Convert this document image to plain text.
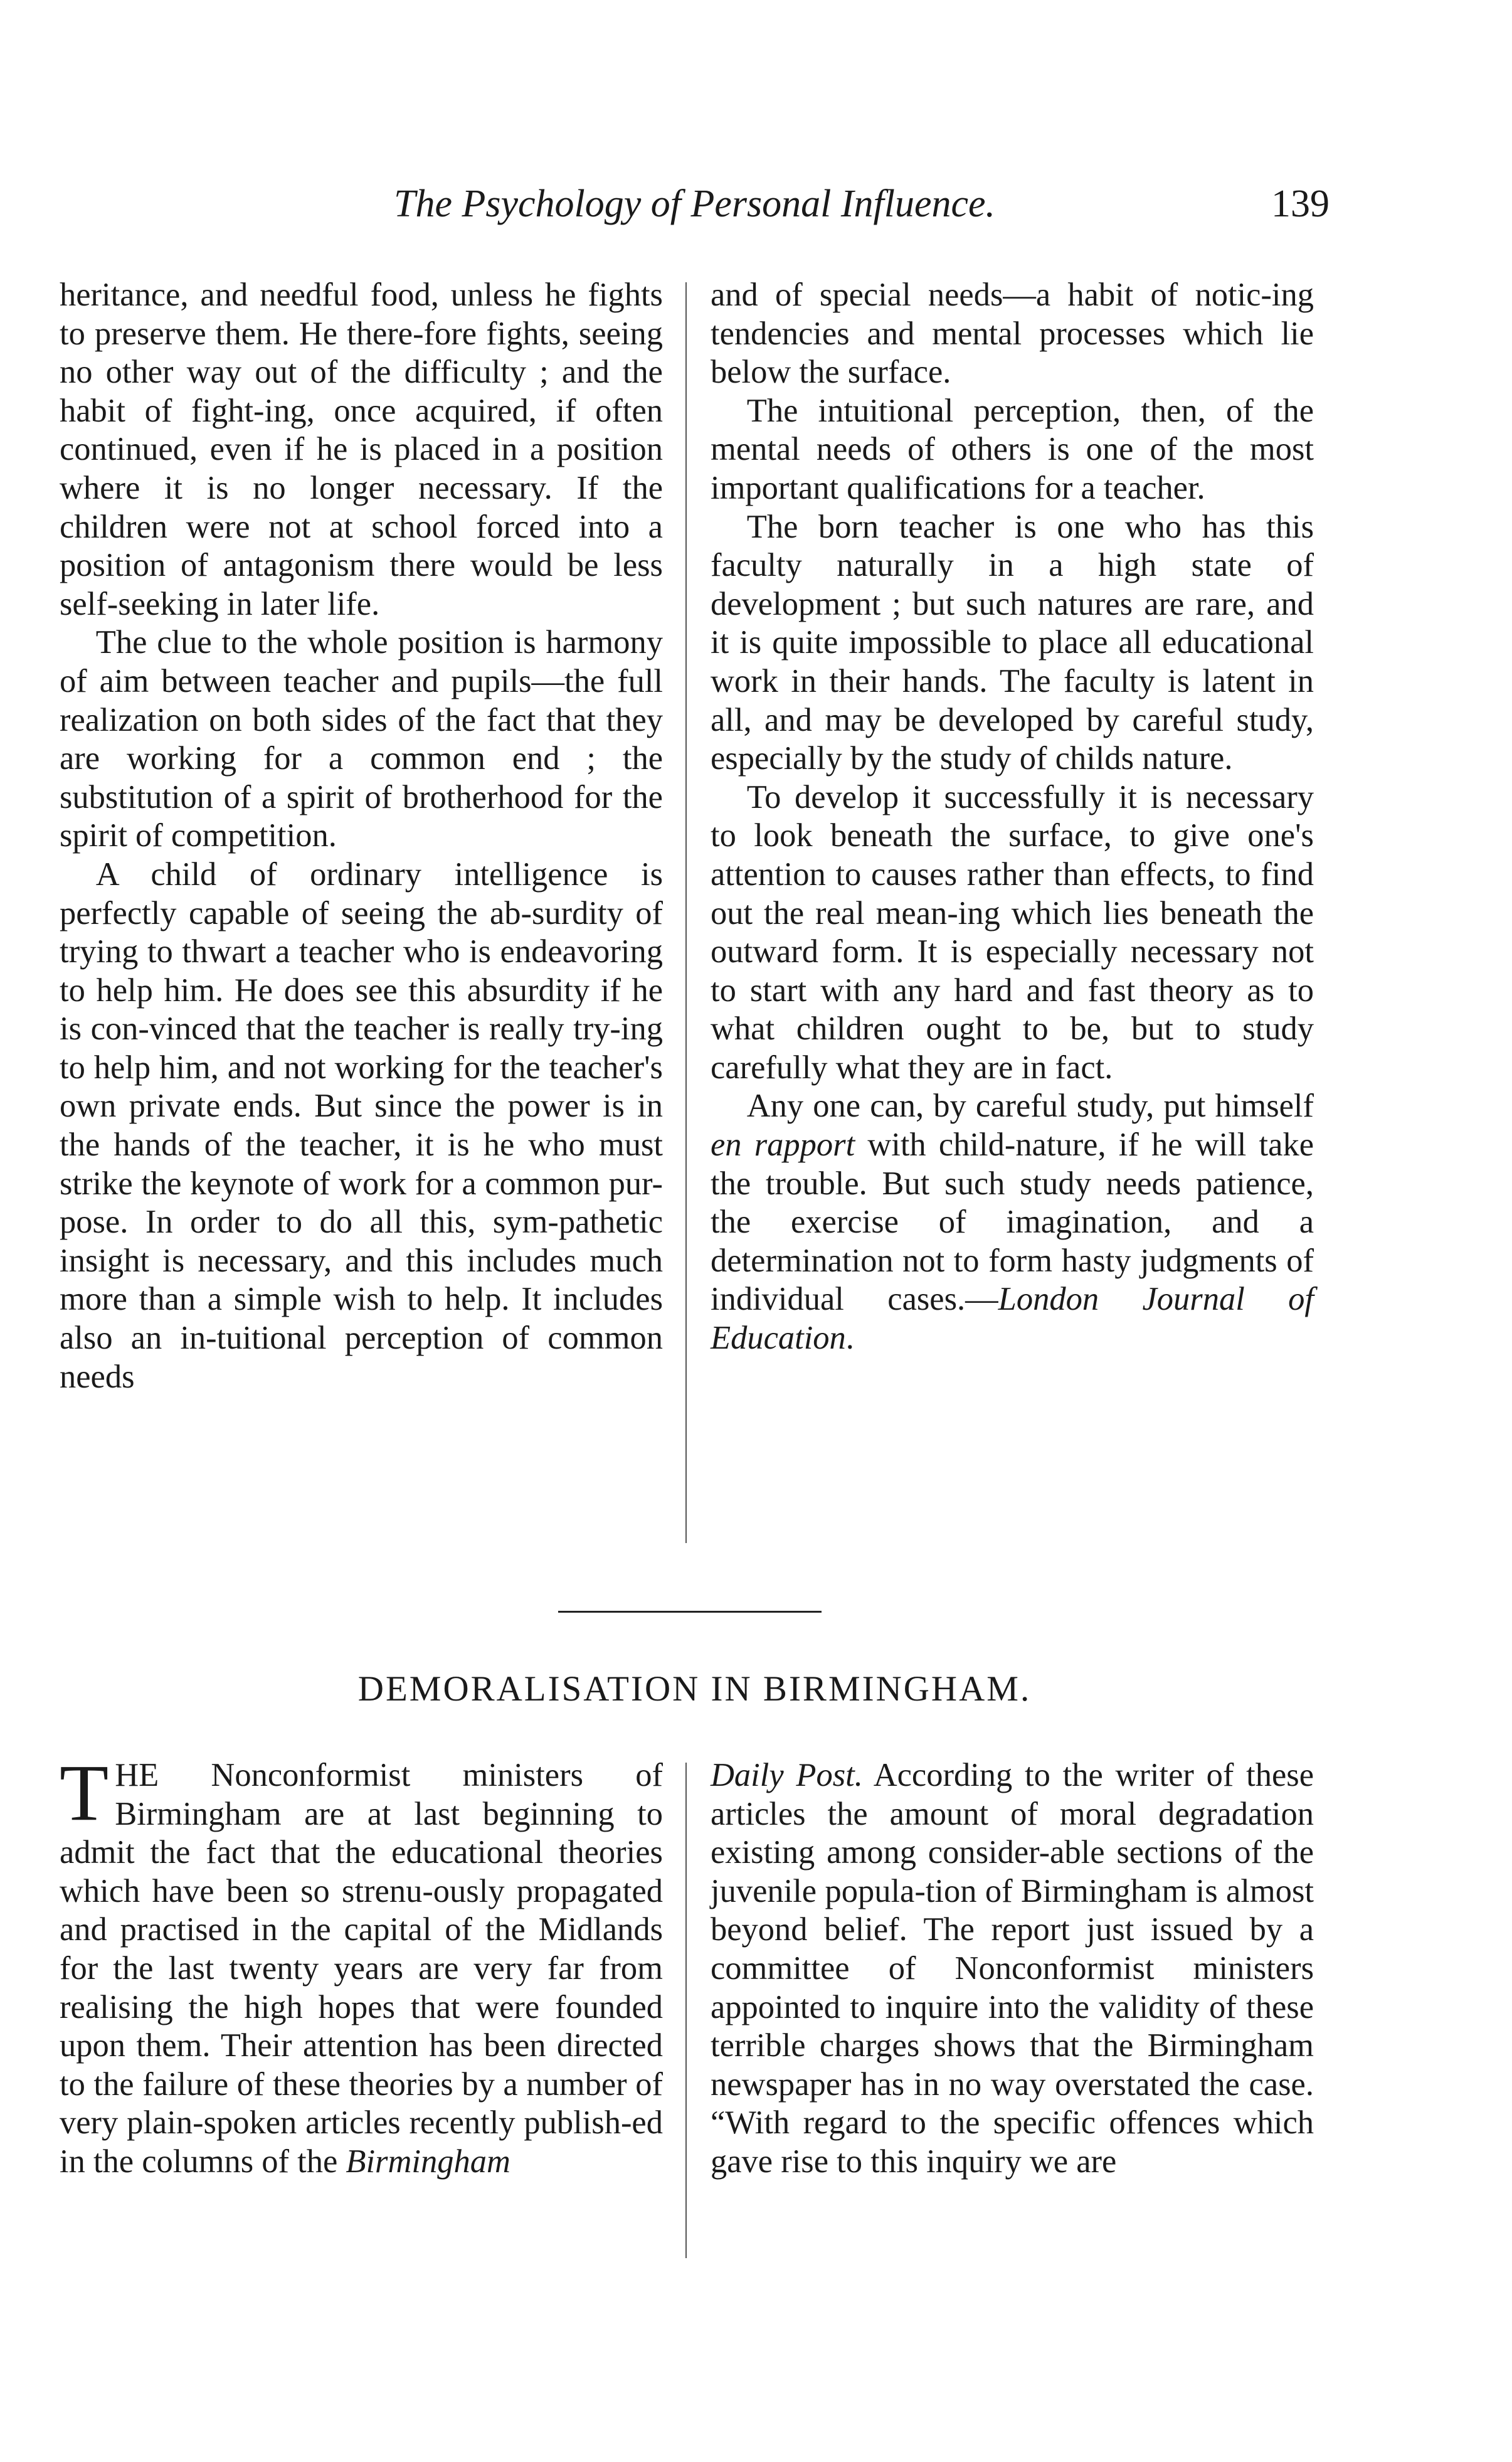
The Psychology of Personal Influence.	139

heritance, and needful food, unless he fights to preserve them. He there-fore fights, seeing no other way out of the difficulty ; and the habit of fight-ing, once acquired, if often continued, even if he is placed in a position where it is no longer necessary. If the children were not at school forced into a position of antagonism there would be less self-seeking in later life.

The clue to the whole position is harmony of aim between teacher and pupils—the full realization on both sides of the fact that they are working for a common end ; the substitution of a spirit of brotherhood for the spirit of competition.

A child of ordinary intelligence is perfectly capable of seeing the ab-surdity of trying to thwart a teacher who is endeavoring to help him. He does see this absurdity if he is con-vinced that the teacher is really try-ing to help him, and not working for the teacher's own private ends. But since the power is in the hands of the teacher, it is he who must strike the keynote of work for a common pur-pose. In order to do all this, sym-pathetic insight is necessary, and this includes much more than a simple wish to help. It includes also an in-tuitional perception of common needs

and of special needs—a habit of notic-ing tendencies and mental processes which lie below the surface.

The intuitional perception, then, of the mental needs of others is one of the most important qualifications for a teacher.

The born teacher is one who has this faculty naturally in a high state of development ; but such natures are rare, and it is quite impossible to place all educational work in their hands. The faculty is latent in all, and may be developed by careful study, especially by the study of childs nature.

To develop it successfully it is necessary to look beneath the surface, to give one's attention to causes rather than effects, to find out the real mean-ing which lies beneath the outward form. It is especially necessary not to start with any hard and fast theory as to what children ought to be, but to study carefully what they are in fact.

Any one can, by careful study, put himself en rapport with child-nature, if he will take the trouble. But such study needs patience, the exercise of imagination, and a determination not to form hasty judgments of individual cases.—London Journal of Education.

DEMORALISATION IN BIRMINGHAM.

THE Nonconformist ministers of Birmingham are at last beginning to admit the fact that the educational theories which have been so strenu-ously propagated and practised in the capital of the Midlands for the last twenty years are very far from realising the high hopes that were founded upon them. Their attention has been directed to the failure of these theories by a number of very plain-spoken articles recently publish-ed in the columns of the Birmingham

Daily Post. According to the writer of these articles the amount of moral degradation existing among consider-able sections of the juvenile popula-tion of Birmingham is almost beyond belief. The report just issued by a committee of Nonconformist ministers appointed to inquire into the validity of these terrible charges shows that the Birmingham newspaper has in no way overstated the case. “With regard to the specific offences which gave rise to this inquiry we are
